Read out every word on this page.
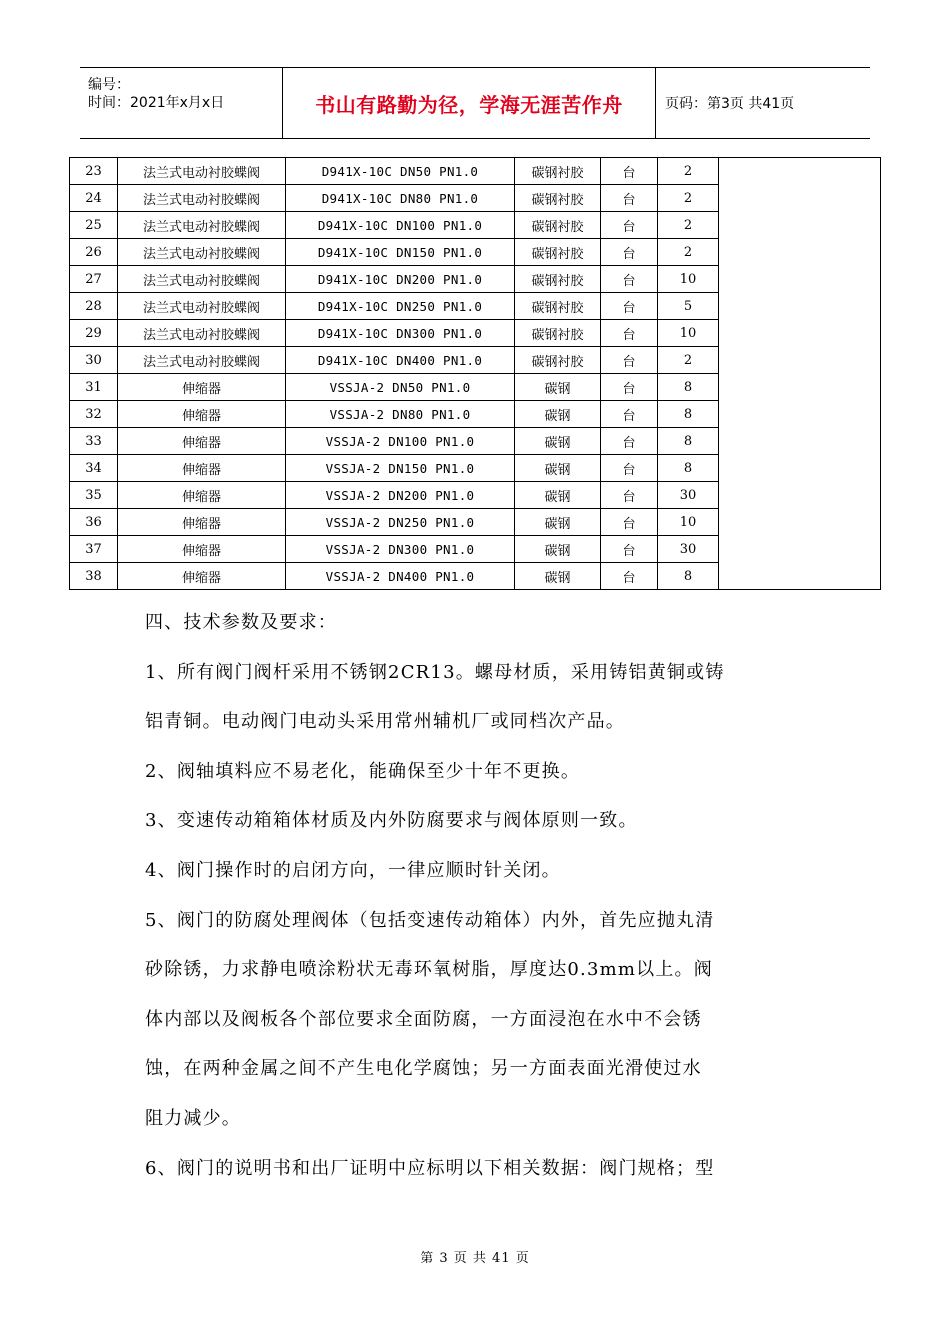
编号：
时间：2021年x月x日	书山有路勤为径，学海无涯苦作舟	页码：第3页 共41页
23	法兰式电动衬胶蝶阀	D941X-10C DN50 PN1.0	碳钢衬胶	台	2	
24	法兰式电动衬胶蝶阀	D941X-10C DN80 PN1.0	碳钢衬胶	台	2	
25	法兰式电动衬胶蝶阀	D941X-10C DN100 PN1.0	碳钢衬胶	台	2	
26	法兰式电动衬胶蝶阀	D941X-10C DN150 PN1.0	碳钢衬胶	台	2	
27	法兰式电动衬胶蝶阀	D941X-10C DN200 PN1.0	碳钢衬胶	台	10	
28	法兰式电动衬胶蝶阀	D941X-10C DN250 PN1.0	碳钢衬胶	台	5	
29	法兰式电动衬胶蝶阀	D941X-10C DN300 PN1.0	碳钢衬胶	台	10	
30	法兰式电动衬胶蝶阀	D941X-10C DN400 PN1.0	碳钢衬胶	台	2	
31	伸缩器	VSSJA-2 DN50 PN1.0	碳钢	台	8	
32	伸缩器	VSSJA-2 DN80 PN1.0	碳钢	台	8	
33	伸缩器	VSSJA-2 DN100 PN1.0	碳钢	台	8	
34	伸缩器	VSSJA-2 DN150 PN1.0	碳钢	台	8	
35	伸缩器	VSSJA-2 DN200 PN1.0	碳钢	台	30	
36	伸缩器	VSSJA-2 DN250 PN1.0	碳钢	台	10	
37	伸缩器	VSSJA-2 DN300 PN1.0	碳钢	台	30	
38	伸缩器	VSSJA-2 DN400 PN1.0	碳钢	台	8	

四、技术参数及要求：

1、所有阀门阀杆采用不锈钢2CR13。螺母材质，采用铸铝黄铜或铸

铝青铜。电动阀门电动头采用常州辅机厂或同档次产品。

2、阀轴填料应不易老化，能确保至少十年不更换。

3、变速传动箱箱体材质及内外防腐要求与阀体原则一致。

4、阀门操作时的启闭方向，一律应顺时针关闭。

5、阀门的防腐处理阀体（包括变速传动箱体）内外，首先应抛丸清

砂除锈，力求静电喷涂粉状无毒环氧树脂，厚度达0.3mm以上。阀

体内部以及阀板各个部位要求全面防腐，一方面浸泡在水中不会锈

蚀，在两种金属之间不产生电化学腐蚀；另一方面表面光滑使过水

阻力减少。

6、阀门的说明书和出厂证明中应标明以下相关数据：阀门规格；型

第 3 页 共 41 页
